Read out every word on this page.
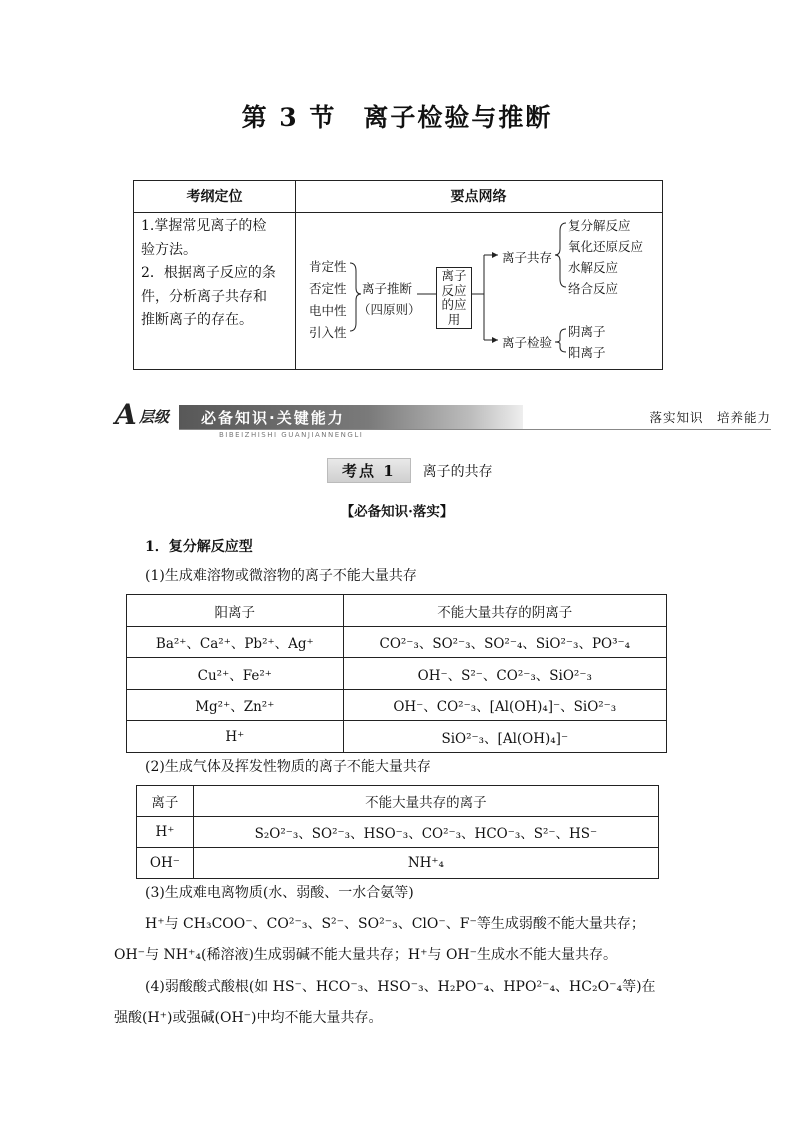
第 3 节　离子检验与推断
考纲定位	要点网络
1.掌握常见离子的检
验方法。
2．根据离子反应的条
件，分析离子共存和
推断离子的存在。
肯定性
否定性
电中性
引入性
离子推断
（四原则）
离子
反应
的应
用
离子共存
复分解反应
氧化还原反应
水解反应
络合反应
离子检验
阴离子
阳离子
A 层级 必备知识·关键能力
BIBEIZHISHI GUANJIANNENGLI
落实知识　培养能力
考点 1 离子的共存
【必备知识·落实】
1．复分解反应型
(1)生成难溶物或微溶物的离子不能大量共存
阳离子	不能大量共存的阴离子
Ba²⁺、Ca²⁺、Pb²⁺、Ag⁺	CO²⁻₃、SO²⁻₃、SO²⁻₄、SiO²⁻₃、PO³⁻₄
Cu²⁺、Fe²⁺	OH⁻、S²⁻、CO²⁻₃、SiO²⁻₃
Mg²⁺、Zn²⁺	OH⁻、CO²⁻₃、[Al(OH)₄]⁻、SiO²⁻₃
H⁺	SiO²⁻₃、[Al(OH)₄]⁻
(2)生成气体及挥发性物质的离子不能大量共存
离子	不能大量共存的离子
H⁺	S₂O²⁻₃、SO²⁻₃、HSO⁻₃、CO²⁻₃、HCO⁻₃、S²⁻、HS⁻
OH⁻	NH⁺₄
(3)生成难电离物质(水、弱酸、一水合氨等)
H⁺与 CH₃COO⁻、CO²⁻₃、S²⁻、SO²⁻₃、ClO⁻、F⁻等生成弱酸不能大量共存；
OH⁻与 NH⁺₄(稀溶液)生成弱碱不能大量共存；H⁺与 OH⁻生成水不能大量共存。
(4)弱酸酸式酸根(如 HS⁻、HCO⁻₃、HSO⁻₃、H₂PO⁻₄、HPO²⁻₄、HC₂O⁻₄等)在
强酸(H⁺)或强碱(OH⁻)中均不能大量共存。
